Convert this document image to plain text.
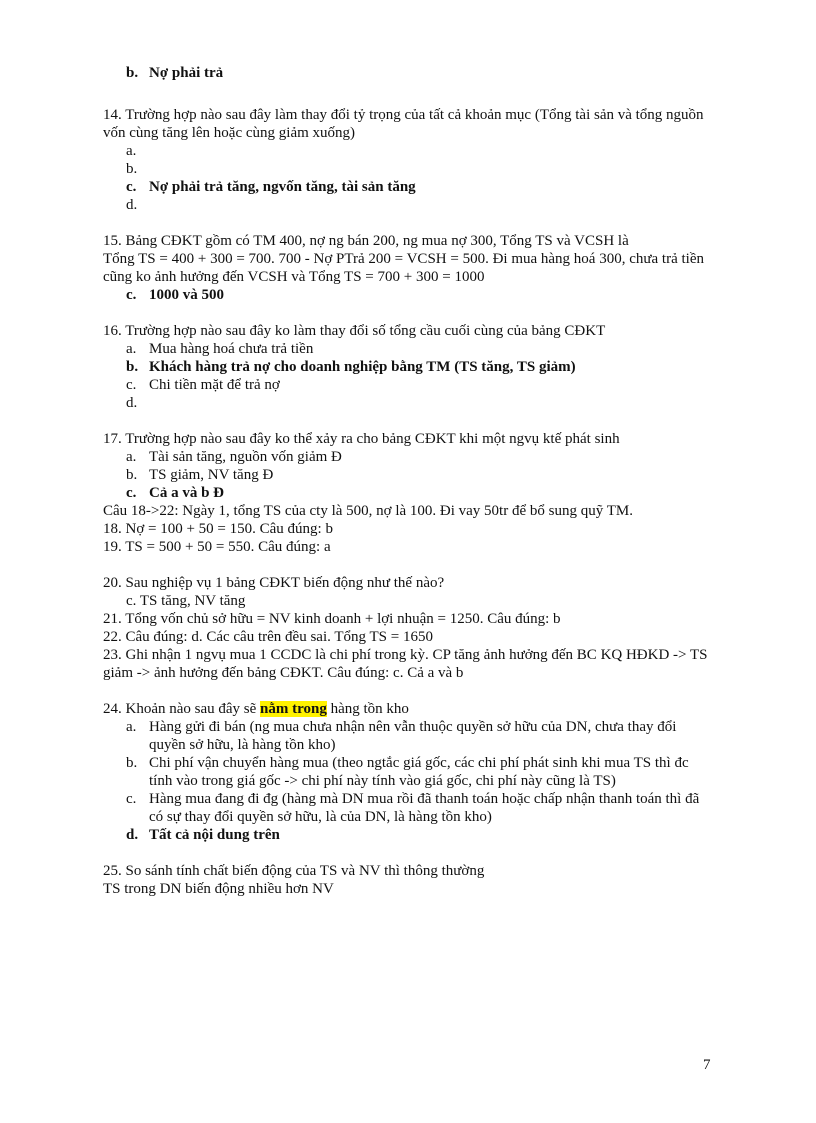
b. Nợ phải trả

14. Trường hợp nào sau đây làm thay đổi tỷ trọng của tất cả khoản mục (Tổng tài sản và tổng nguồn vốn cùng tăng lên hoặc cùng giảm xuống)

a.
b.
c. Nợ phải trả tăng, ngvốn tăng, tài sản tăng
d.

15. Bảng CĐKT gồm có TM 400, nợ ng bán 200, ng mua nợ 300, Tổng TS và VCSH là

Tổng TS = 400 + 300 = 700. 700 - Nợ PTrả 200 = VCSH = 500. Đi mua hàng hoá 300, chưa trả tiền cũng ko ảnh hưởng đến VCSH và Tổng TS = 700 + 300 = 1000

c. 1000 và 500

16. Trường hợp nào sau đây ko làm thay đổi số tổng cầu cuối cùng của bảng CĐKT

a. Mua hàng hoá chưa trả tiền
b. Khách hàng trả nợ cho doanh nghiệp bằng TM (TS tăng, TS giảm)
c. Chi tiền mặt để trả nợ
d.

17. Trường hợp nào sau đây ko thể xảy ra cho bảng CĐKT khi một ngvụ ktế phát sinh

a. Tài sản tăng, nguồn vốn giảm Đ
b. TS giảm, NV tăng Đ
c. Cả a và b Đ

Câu 18->22: Ngày 1, tổng TS của cty là 500, nợ là 100. Đi vay 50tr để bổ sung quỹ TM.

18. Nợ = 100 + 50 = 150. Câu đúng: b

19. TS = 500 + 50 = 550. Câu đúng: a

20. Sau nghiệp vụ 1 bảng CĐKT biến động như thế nào?

c. TS tăng, NV tăng

21. Tổng vốn chủ sở hữu = NV kinh doanh + lợi nhuận = 1250. Câu đúng: b

22. Câu đúng: d. Các câu trên đều sai. Tổng TS = 1650

23. Ghi nhận 1 ngvụ mua 1 CCDC là chi phí trong kỳ. CP tăng ảnh hưởng đến BC KQ HĐKD -> TS giảm -> ảnh hưởng đến bảng CĐKT. Câu đúng: c. Cả a và b

24. Khoản nào sau đây sẽ nằm trong hàng tồn kho

a. Hàng gửi đi bán (ng mua chưa nhận nên vẫn thuộc quyền sở hữu của DN, chưa thay đổi quyền sở hữu, là hàng tồn kho)
b. Chi phí vận chuyển hàng mua (theo ngtắc giá gốc, các chi phí phát sinh khi mua TS thì đc tính vào trong giá gốc -> chi phí này tính vào giá gốc, chi phí này cũng là TS)
c. Hàng mua đang đi đg (hàng mà DN mua rồi đã thanh toán hoặc chấp nhận thanh toán thì đã có sự thay đổi quyền sở hữu, là của DN, là hàng tồn kho)
d. Tất cả nội dung trên

25. So sánh tính chất biến động của TS và NV thì thông thường

TS trong DN biến động nhiều hơn NV

7
